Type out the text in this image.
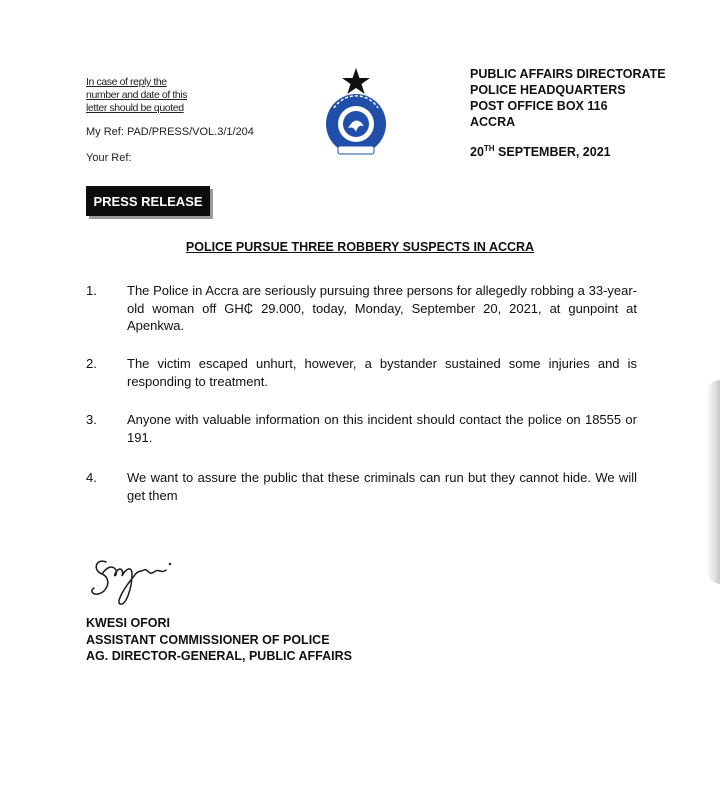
In case of reply the
number and date of this
letter should be quoted
My Ref: PAD/PRESS/VOL.3/1/204
Your Ref:
PUBLIC AFFAIRS DIRECTORATE
POLICE HEADQUARTERS
POST OFFICE BOX 116
ACCRA
20TH SEPTEMBER, 2021
PRESS RELEASE
POLICE PURSUE THREE ROBBERY SUSPECTS IN ACCRA
1.	The Police in Accra are seriously pursuing three persons for allegedly robbing a 33-year-old woman off GH₵ 29.000, today, Monday, September 20, 2021, at gunpoint at Apenkwa.
2.	The victim escaped unhurt, however, a bystander sustained some injuries and is responding to treatment.
3.	Anyone with valuable information on this incident should contact the police on 18555 or 191.
4.	We want to assure the public that these criminals can run but they cannot hide. We will get them
KWESI OFORI
ASSISTANT COMMISSIONER OF POLICE
AG. DIRECTOR-GENERAL, PUBLIC AFFAIRS
